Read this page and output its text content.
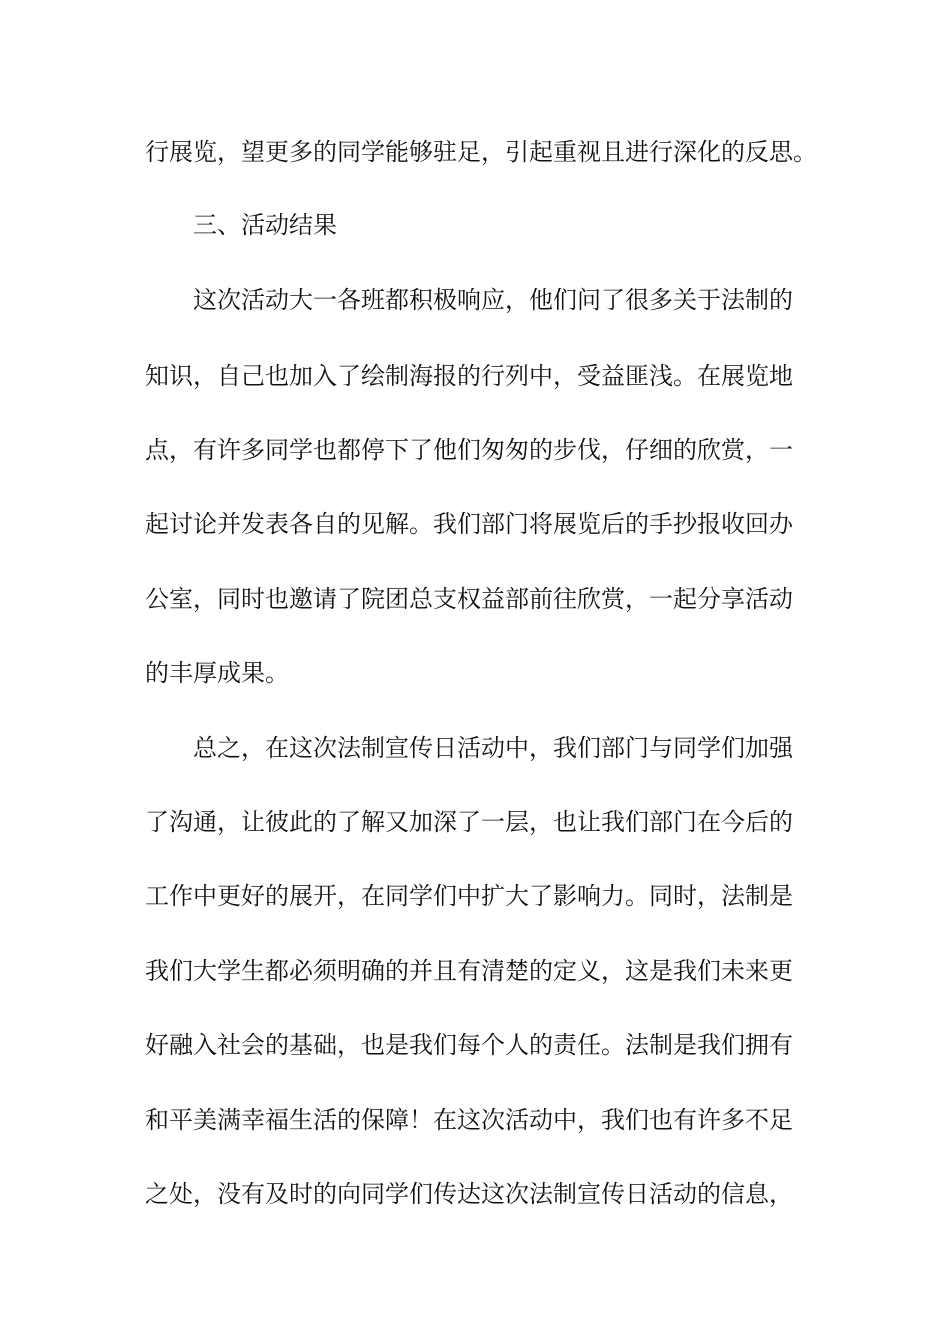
行展览，望更多的同学能够驻足，引起重视且进行深化的反思。

三、活动结果

这次活动大一各班都积极响应，他们问了很多关于法制的

知识，自己也加入了绘制海报的行列中，受益匪浅。在展览地

点，有许多同学也都停下了他们匆匆的步伐，仔细的欣赏，一

起讨论并发表各自的见解。我们部门将展览后的手抄报收回办

公室，同时也邀请了院团总支权益部前往欣赏，一起分享活动

的丰厚成果。

总之，在这次法制宣传日活动中，我们部门与同学们加强

了沟通，让彼此的了解又加深了一层，也让我们部门在今后的

工作中更好的展开，在同学们中扩大了影响力。同时，法制是

我们大学生都必须明确的并且有清楚的定义，这是我们未来更

好融入社会的基础，也是我们每个人的责任。法制是我们拥有

和平美满幸福生活的保障！在这次活动中，我们也有许多不足

之处，没有及时的向同学们传达这次法制宣传日活动的信息，
